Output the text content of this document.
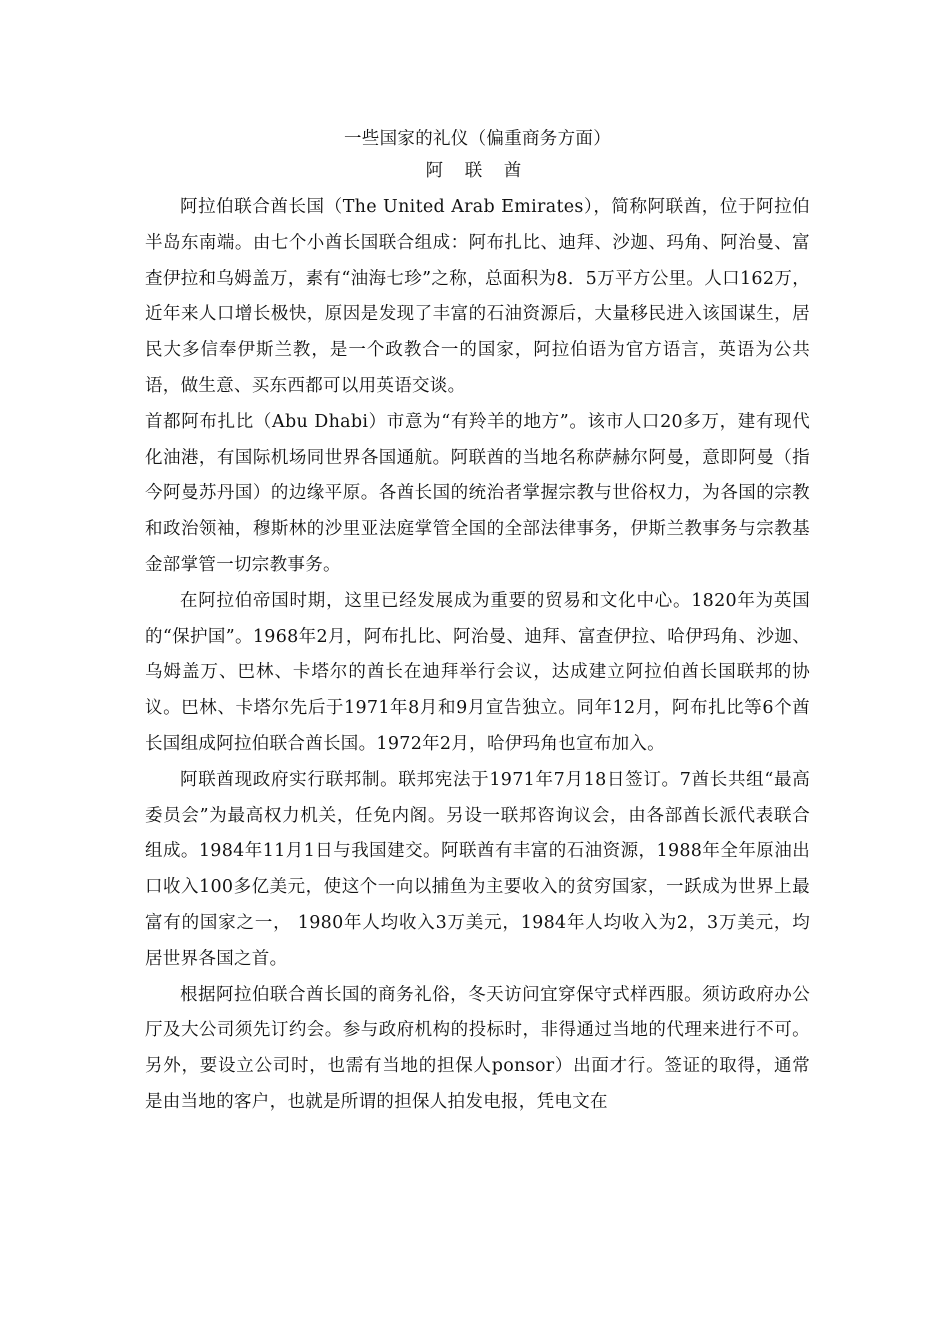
一些国家的礼仪（偏重商务方面）

阿 联 酋

阿拉伯联合酋长国（The United Arab Emirates），简称阿联酋，位于阿拉伯半岛东南端。由七个小酋长国联合组成：阿布扎比、迪拜、沙迦、玛角、阿治曼、富查伊拉和乌姆盖万，素有“油海七珍”之称，总面积为8．5万平方公里。人口162万，近年来人口增长极快，原因是发现了丰富的石油资源后，大量移民进入该国谋生，居民大多信奉伊斯兰教，是一个政教合一的国家，阿拉伯语为官方语言，英语为公共语，做生意、买东西都可以用英语交谈。

首都阿布扎比（Abu Dhabi）市意为“有羚羊的地方”。该市人口20多万，建有现代化油港，有国际机场同世界各国通航。阿联酋的当地名称萨赫尔阿曼，意即阿曼（指今阿曼苏丹国）的边缘平原。各酋长国的统治者掌握宗教与世俗权力，为各国的宗教和政治领袖，穆斯林的沙里亚法庭掌管全国的全部法律事务，伊斯兰教事务与宗教基金部掌管一切宗教事务。

在阿拉伯帝国时期，这里已经发展成为重要的贸易和文化中心。1820年为英国的“保护国”。1968年2月，阿布扎比、阿治曼、迪拜、富查伊拉、哈伊玛角、沙迦、乌姆盖万、巴林、卡塔尔的酋长在迪拜举行会议，达成建立阿拉伯酋长国联邦的协议。巴林、卡塔尔先后于1971年8月和9月宣告独立。同年12月，阿布扎比等6个酋长国组成阿拉伯联合酋长国。1972年2月，哈伊玛角也宣布加入。

阿联酋现政府实行联邦制。联邦宪法于1971年7月18日签订。7酋长共组“最高委员会”为最高权力机关，任免内阁。另设一联邦咨询议会，由各部酋长派代表联合组成。1984年11月1日与我国建交。阿联酋有丰富的石油资源，1988年全年原油出口收入100多亿美元，使这个一向以捕鱼为主要收入的贫穷国家，一跃成为世界上最富有的国家之一， 1980年人均收入3万美元，1984年人均收入为2，3万美元，均居世界各国之首。

根据阿拉伯联合酋长国的商务礼俗，冬天访问宜穿保守式样西服。须访政府办公厅及大公司须先订约会。参与政府机构的投标时，非得通过当地的代理来进行不可。另外，要设立公司时，也需有当地的担保人ponsor）出面才行。签证的取得，通常是由当地的客户，也就是所谓的担保人拍发电报，凭电文在
